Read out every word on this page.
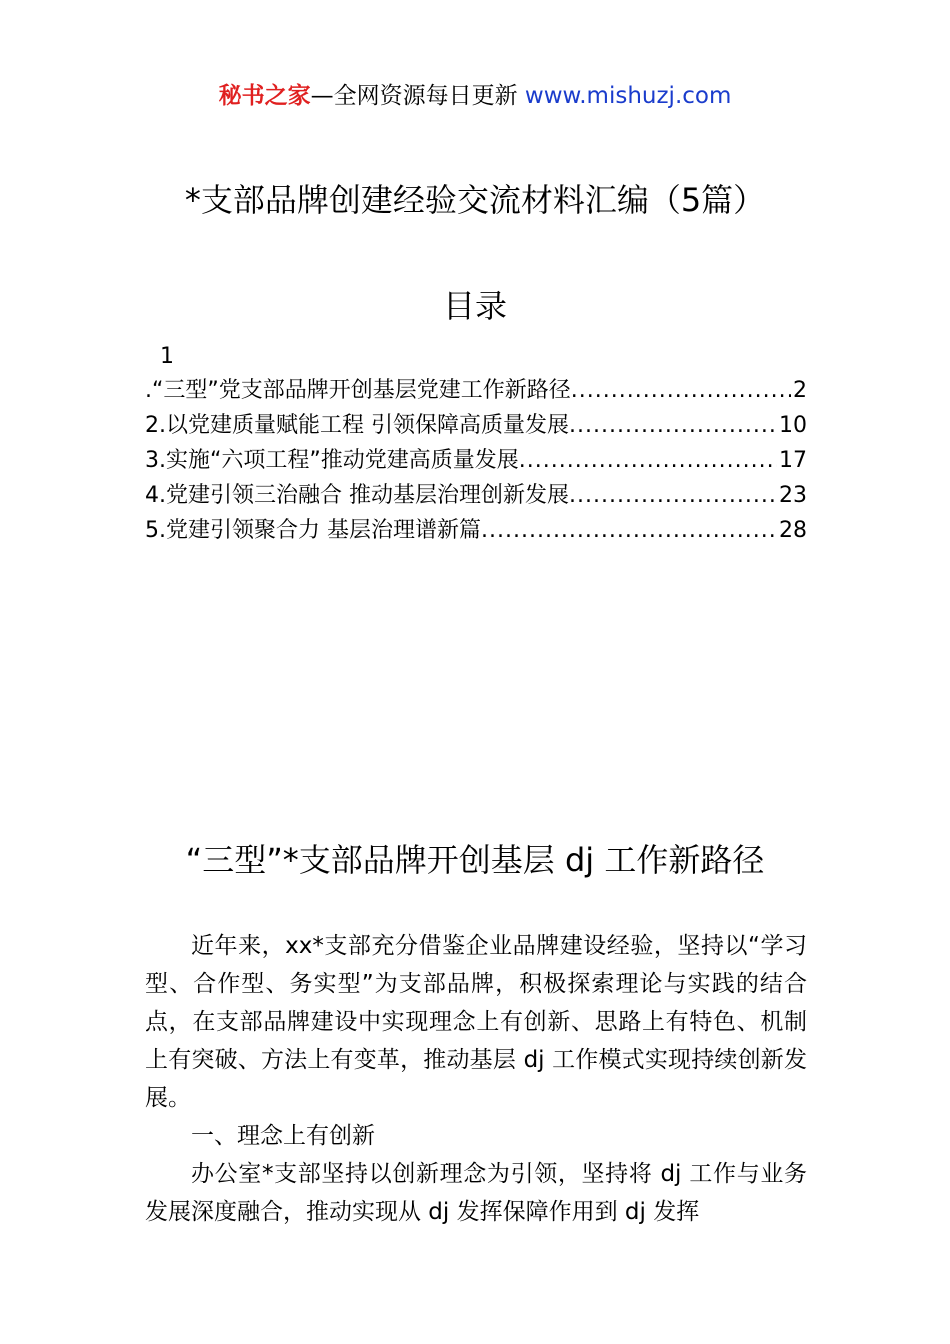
秘书之家—全网资源每日更新 www.mishuzj.com
*支部品牌创建经验交流材料汇编（5篇）
目录
1
.“三型”党支部品牌开创基层党建工作新路径 .....	2
2.以党建质量赋能工程 引领保障高质量发展 .....	10
3.实施“六项工程”推动党建高质量发展 .....	17
4.党建引领三治融合 推动基层治理创新发展 .....	23
5.党建引领聚合力 基层治理谱新篇 .....	28
“三型”*支部品牌开创基层 dj 工作新路径

近年来，xx*支部充分借鉴企业品牌建设经验，坚持以“学习型、合作型、务实型”为支部品牌，积极探索理论与实践的结合点，在支部品牌建设中实现理念上有创新、思路上有特色、机制上有突破、方法上有变革，推动基层 dj 工作模式实现持续创新发展。

一、理念上有创新

办公室*支部坚持以创新理念为引领，坚持将 dj 工作与业务发展深度融合，推动实现从 dj 发挥保障作用到 dj 发挥
